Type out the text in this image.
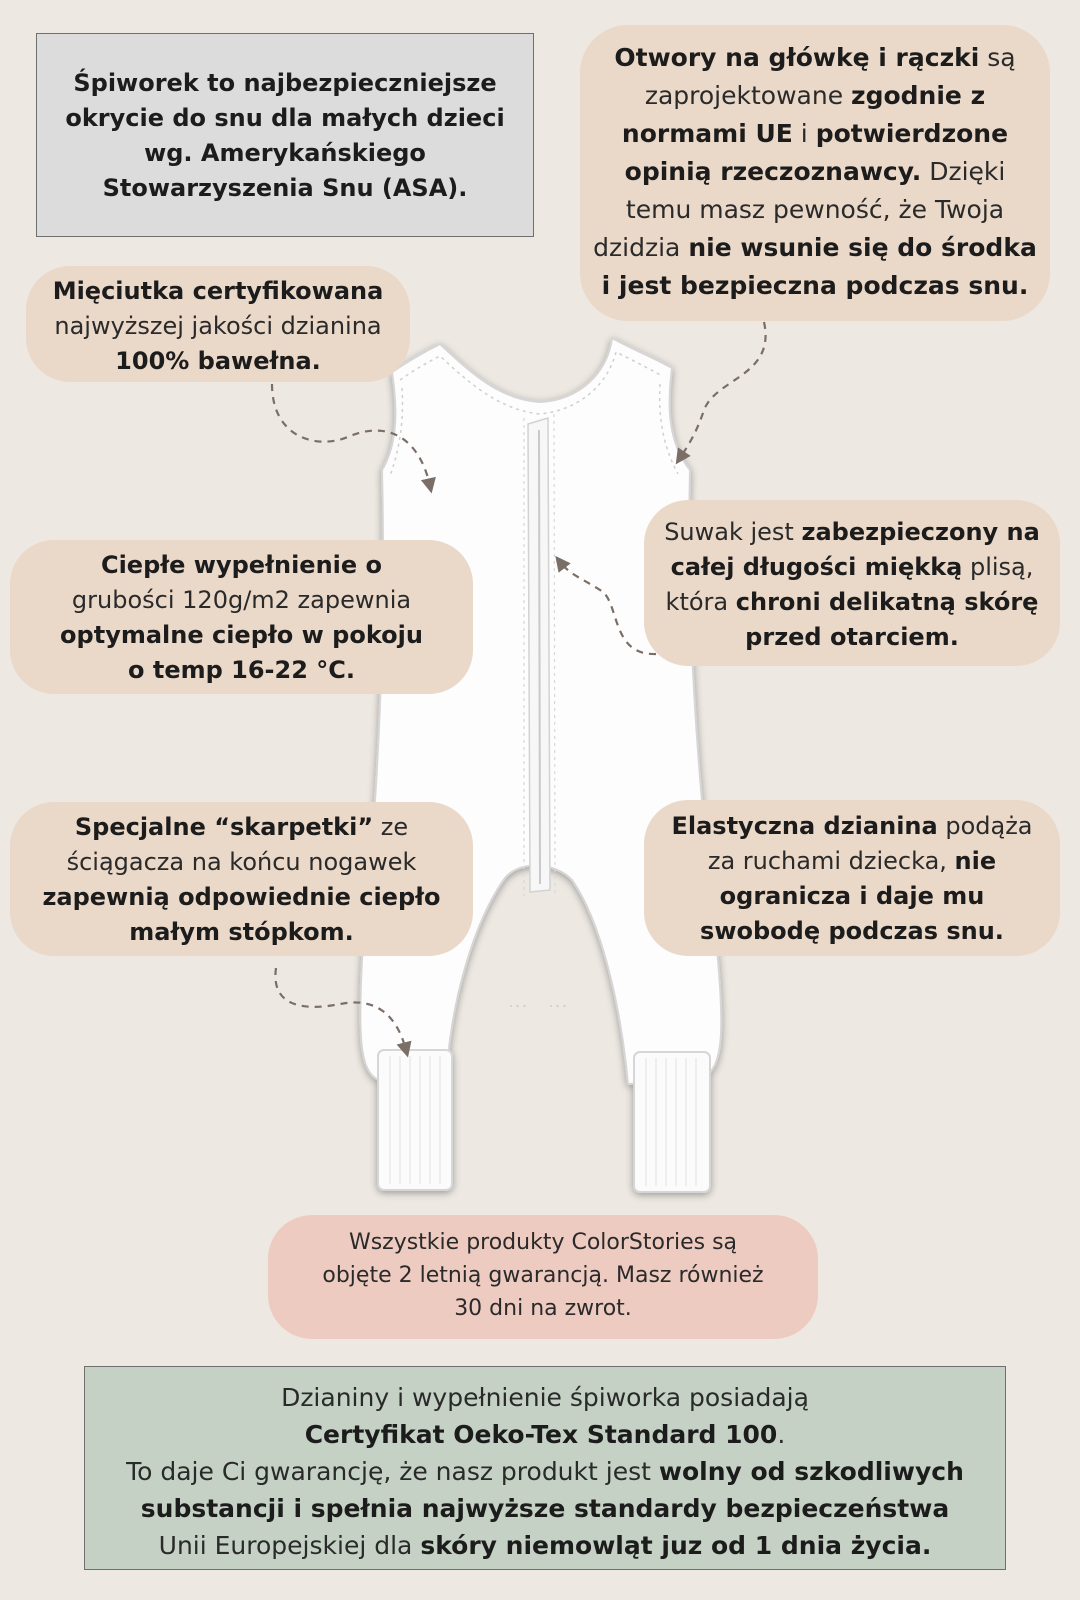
Śpiworek to najbezpieczniejsze
okrycie do snu dla małych dzieci
wg. Amerykańskiego
Stowarzyszenia Snu (ASA).
Otwory na główkę i rączki są
zaprojektowane zgodnie z
normami UE i potwierdzone
opinią rzeczoznawcy. Dzięki
temu masz pewność, że Twoja
dzidzia nie wsunie się do środka
i jest bezpieczna podczas snu.
Mięciutka certyfikowana
najwyższej jakości dzianina
100% bawełna.
Suwak jest zabezpieczony na
całej długości miękką plisą,
która chroni delikatną skórę
przed otarciem.
Ciepłe wypełnienie o
grubości 120g/m2 zapewnia
optymalne ciepło w pokoju
o temp 16-22 °C.
Specjalne “skarpetki” ze
ściągacza na końcu nogawek
zapewnią odpowiednie ciepło
małym stópkom.
Elastyczna dzianina podąża
za ruchami dziecka, nie
ogranicza i daje mu
swobodę podczas snu.
Wszystkie produkty ColorStories są
objęte 2 letnią gwarancją. Masz również
30 dni na zwrot.
Dzianiny i wypełnienie śpiworka posiadają
Certyfikat Oeko-Tex Standard 100.
To daje Ci gwarancję, że nasz produkt jest wolny od szkodliwych
substancji i spełnia najwyższe standardy bezpieczeństwa
Unii Europejskiej dla skóry niemowląt juz od 1 dnia życia.
